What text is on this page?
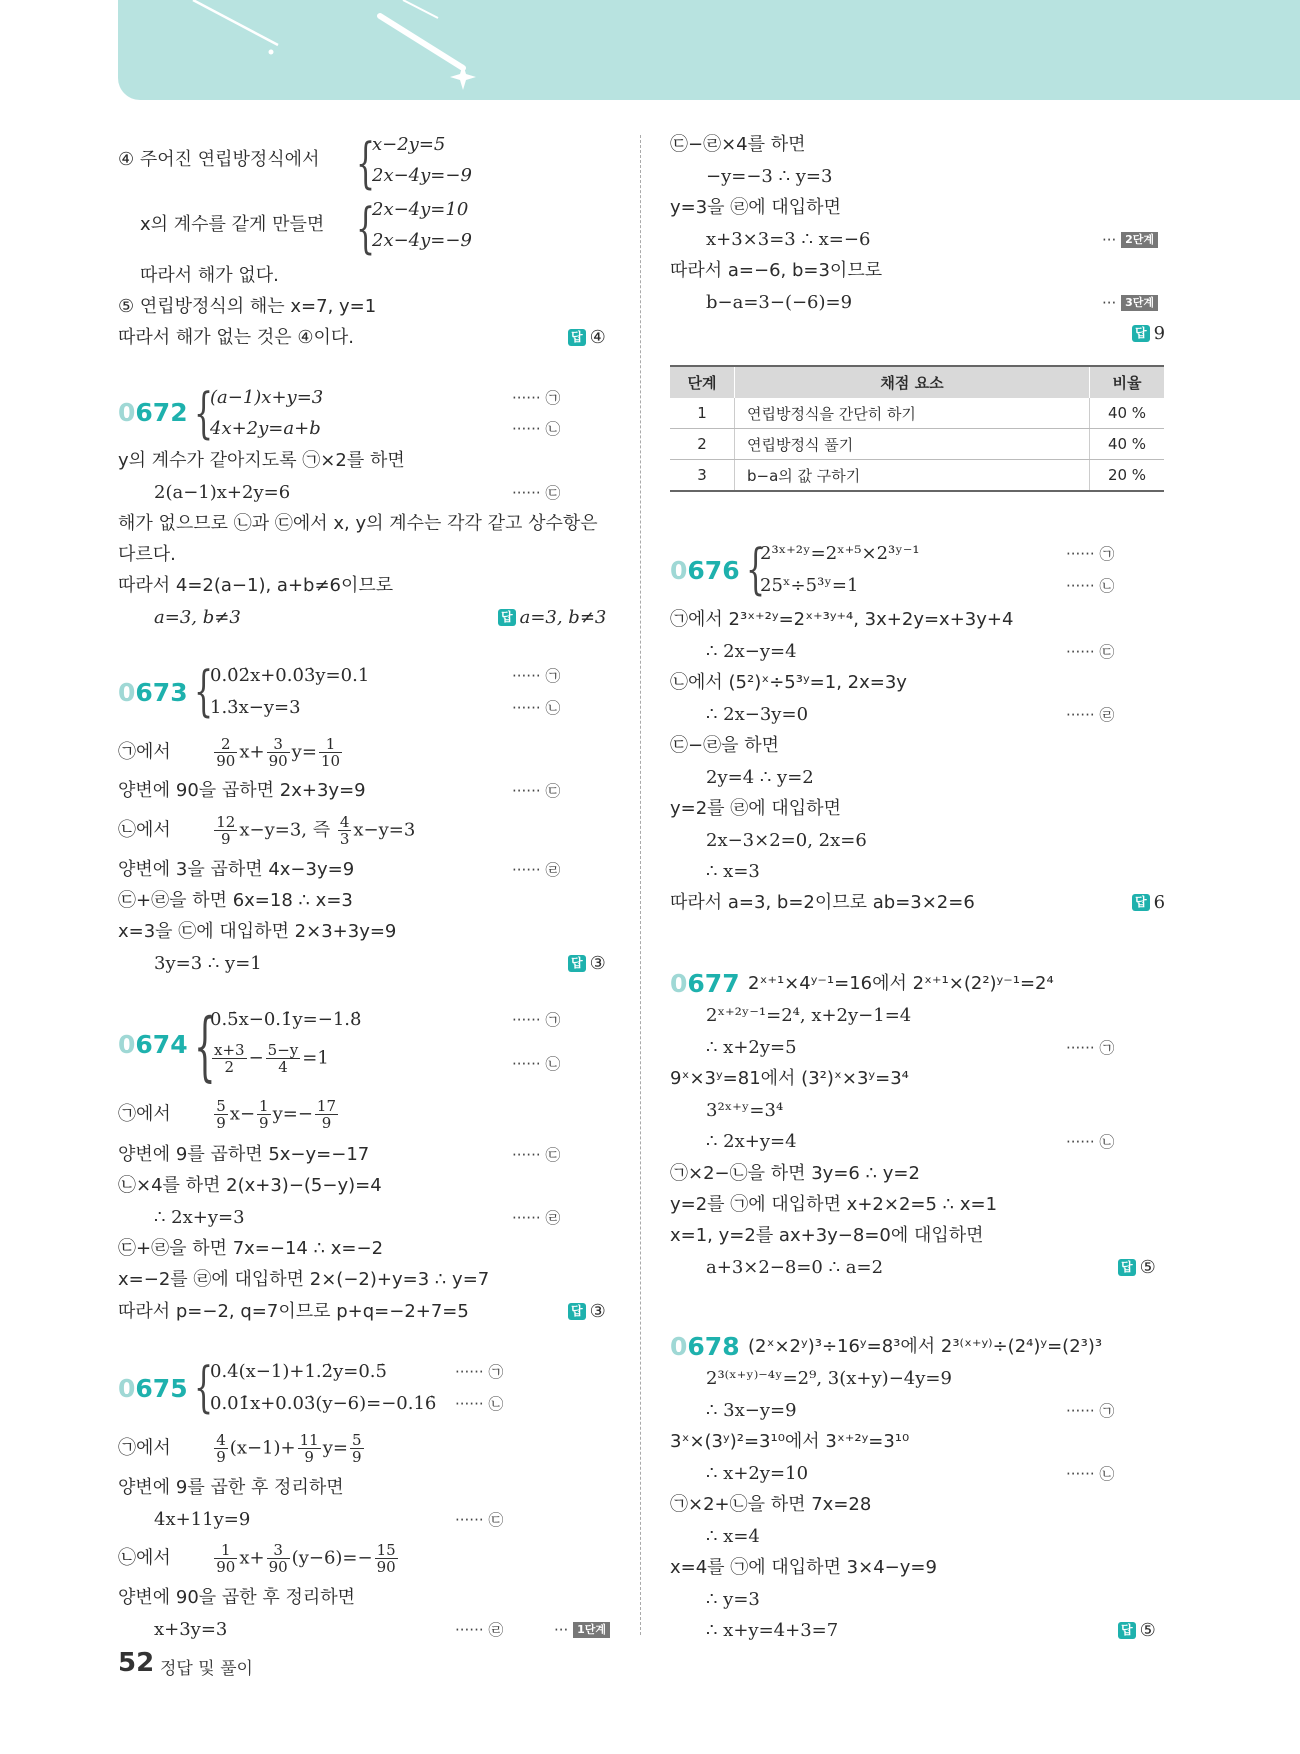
④ 주어진 연립방정식에서 {
x−2y=5
2x−4y=−9
x의 계수를 같게 만들면 {
2x−4y=10
2x−4y=−9
따라서 해가 없다.
⑤ 연립방정식의 해는 x=7, y=1
따라서 해가 없는 것은 ④이다.	답 ④
0672 {
(a−1)x+y=3	······ ㉠
4x+2y=a+b	······ ㉡
y의 계수가 같아지도록 ㉠×2를 하면
2(a−1)x+2y=6	······ ㉢
해가 없으므로 ㉡과 ㉢에서 x, y의 계수는 각각 같고 상수항은
다르다.
따라서 4=2(a−1), a+b≠6이므로
a=3, b≠3	답 a=3, b≠3
0673 {
0.0̇2̇x+0.0̇3̇y=0.1	······ ㉠
1.3̇x−y=3	······ ㉡
㉠에서	$\frac{2}{90} x+ \frac{3}{90} y= \frac{1}{10}$
양변에 90을 곱하면 2x+3y=9	······ ㉢
㉡에서	$\frac{12}{9} x-y=3$, 즉 $\frac{4}{3} x-y=3$
양변에 3을 곱하면 4x−3y=9	······ ㉣
㉢+㉣을 하면 6x=18 ∴ x=3
x=3을 ㉢에 대입하면 2×3+3y=9
3y=3 ∴ y=1	답 ③
0674 {
0.5̇x−0.1̇y=−1.8̇	······ ㉠
$\frac{x+3}{2} - \frac{5-y}{4} =1$	······ ㉡
㉠에서	$\frac{5}{9} x- \frac{1}{9} y=- \frac{17}{9}$
양변에 9를 곱하면 5x−y=−17	······ ㉢
㉡×4를 하면 2(x+3)−(5−y)=4
∴ 2x+y=3	······ ㉣
㉢+㉣을 하면 7x=−14 ∴ x=−2
x=−2를 ㉣에 대입하면 2×(−2)+y=3 ∴ y=7
따라서 p=−2, q=7이므로 p+q=−2+7=5	답 ③
0675 {
0.4̇(x−1)+1.2̇y=0.5̇	······ ㉠
0.01̇x+0.03̇(y−6)=−0.16̇ ······ ㉡
㉠에서	$\frac{4}{9} (x-1)+ \frac{11}{9} y= \frac{5}{9}$
양변에 9를 곱한 후 정리하면
4x+11y=9	······ ㉢
㉡에서	$\frac{1}{90} x+ \frac{3}{90} (y-6)=- \frac{15}{90}$
양변에 90을 곱한 후 정리하면
x+3y=3	······ ㉣	··· 1단계
52 정답 및 풀이
㉢−㉣×4를 하면
−y=−3 ∴ y=3
y=3을 ㉣에 대입하면
x+3×3=3 ∴ x=−6	··· 2단계
따라서 a=−6, b=3이므로
b−a=3−(−6)=9	··· 3단계
답 9
단계	채점 요소	비율
1	연립방정식을 간단히 하기	40 %
2	연립방정식 풀기	40 %
3	b−a의 값 구하기	20 %
0676 {
2³ˣ⁺²ʸ=2ˣ⁺⁵×2³ʸ⁻¹	······ ㉠
25ˣ÷5³ʸ=1	······ ㉡
㉠에서 2³ˣ⁺²ʸ=2ˣ⁺³ʸ⁺⁴, 3x+2y=x+3y+4
∴ 2x−y=4	······ ㉢
㉡에서 (5²)ˣ÷5³ʸ=1, 2x=3y
∴ 2x−3y=0	······ ㉣
㉢−㉣을 하면
2y=4 ∴ y=2
y=2를 ㉣에 대입하면
2x−3×2=0, 2x=6
∴ x=3
따라서 a=3, b=2이므로 ab=3×2=6	답 6
0677 2ˣ⁺¹×4ʸ⁻¹=16에서 2ˣ⁺¹×(2²)ʸ⁻¹=2⁴
2ˣ⁺²ʸ⁻¹=2⁴, x+2y−1=4
∴ x+2y=5	······ ㉠
9ˣ×3ʸ=81에서 (3²)ˣ×3ʸ=3⁴
3²ˣ⁺ʸ=3⁴
∴ 2x+y=4	······ ㉡
㉠×2−㉡을 하면 3y=6 ∴ y=2
y=2를 ㉠에 대입하면 x+2×2=5 ∴ x=1
x=1, y=2를 ax+3y−8=0에 대입하면
a+3×2−8=0 ∴ a=2	답 ⑤
0678 (2ˣ×2ʸ)³÷16ʸ=8³에서 2³⁽ˣ⁺ʸ⁾÷(2⁴)ʸ=(2³)³
2³⁽ˣ⁺ʸ⁾⁻⁴ʸ=2⁹, 3(x+y)−4y=9
∴ 3x−y=9	······ ㉠
3ˣ×(3ʸ)²=3¹⁰에서 3ˣ⁺²ʸ=3¹⁰
∴ x+2y=10	······ ㉡
㉠×2+㉡을 하면 7x=28
∴ x=4
x=4를 ㉠에 대입하면 3×4−y=9
∴ y=3
∴ x+y=4+3=7	답 ⑤
